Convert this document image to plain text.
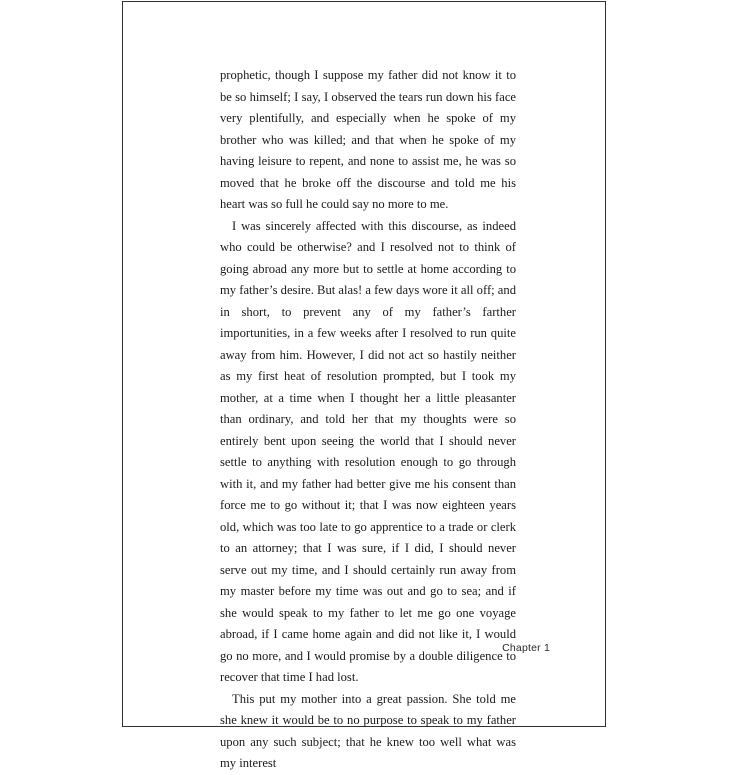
prophetic, though I suppose my father did not know it to be so himself; I say, I observed the tears run down his face very plentifully, and especially when he spoke of my brother who was killed; and that when he spoke of my having leisure to repent, and none to assist me, he was so moved that he broke off the discourse and told me his heart was so full he could say no more to me.

I was sincerely affected with this discourse, as indeed who could be otherwise? and I resolved not to think of going abroad any more but to settle at home according to my father’s desire. But alas! a few days wore it all off; and in short, to prevent any of my father’s farther importunities, in a few weeks after I resolved to run quite away from him. However, I did not act so hastily neither as my first heat of resolution prompted, but I took my mother, at a time when I thought her a little pleasanter than ordinary, and told her that my thoughts were so entirely bent upon seeing the world that I should never settle to anything with resolution enough to go through with it, and my father had better give me his consent than force me to go without it; that I was now eighteen years old, which was too late to go apprentice to a trade or clerk to an attorney; that I was sure, if I did, I should never serve out my time, and I should certainly run away from my master before my time was out and go to sea; and if she would speak to my father to let me go one voyage abroad, if I came home again and did not like it, I would go no more, and I would promise by a double diligence to recover that time I had lost.

This put my mother into a great passion. She told me she knew it would be to no purpose to speak to my father upon any such subject; that he knew too well what was my interest

Chapter 1
